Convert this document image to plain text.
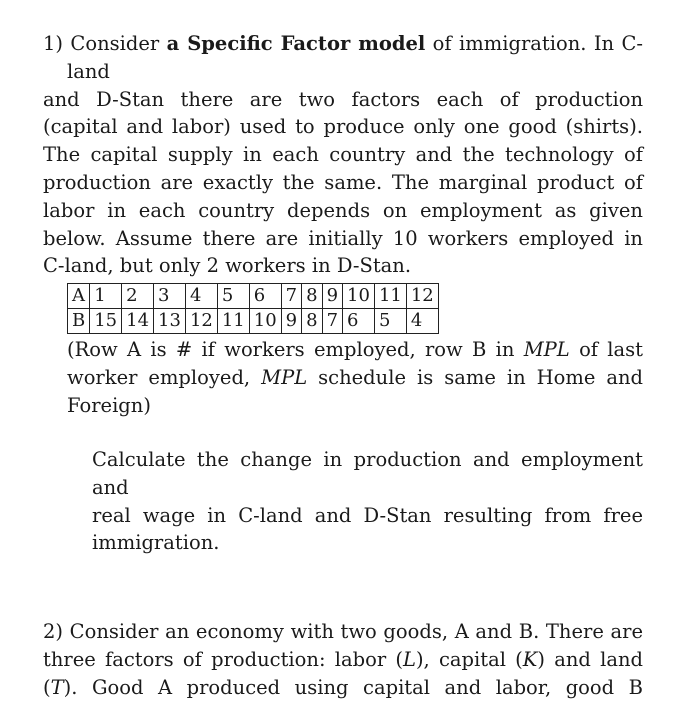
1) Consider a Specific Factor model of immigration. In C-land
and D-Stan there are two factors each of production
(capital and labor) used to produce only one good (shirts).
The capital supply in each country and the technology of
production are exactly the same. The marginal product of
labor in each country depends on employment as given
below. Assume there are initially 10 workers employed in
C-land, but only 2 workers in D-Stan.
A	1	2	3	4	5	6	7	8	9	10	11	12
B	15	14	13	12	11	10	9	8	7	6	5	4
(Row A is # if workers employed, row B in MPL of last
worker employed, MPL schedule is same in Home and
Foreign)
Calculate the change in production and employment and
real wage in C-land and D-Stan resulting from free
immigration.
2) Consider an economy with two goods, A and B. There are
three factors of production: labor (L), capital (K) and land
(T). Good A produced using capital and labor, good B
